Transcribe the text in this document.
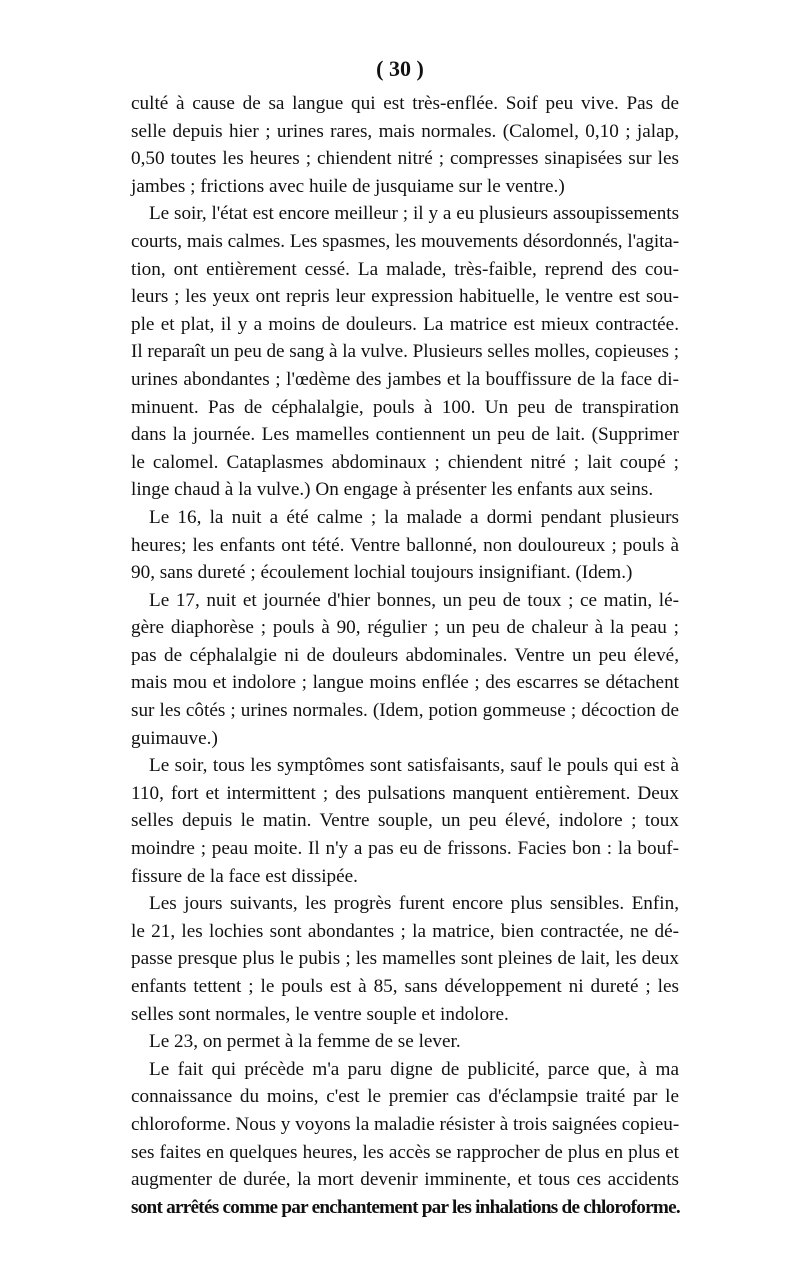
( 30 )
culté à cause de sa langue qui est très-enflée. Soif peu vive. Pas de
selle depuis hier ; urines rares, mais normales. (Calomel, 0,10 ; jalap,
0,50 toutes les heures ; chiendent nitré ; compresses sinapisées sur les
jambes ; frictions avec huile de jusquiame sur le ventre.)
Le soir, l'état est encore meilleur ; il y a eu plusieurs assoupissements
courts, mais calmes. Les spasmes, les mouvements désordonnés, l'agita-
tion, ont entièrement cessé. La malade, très-faible, reprend des cou-
leurs ; les yeux ont repris leur expression habituelle, le ventre est sou-
ple et plat, il y a moins de douleurs. La matrice est mieux contractée.
Il reparaît un peu de sang à la vulve. Plusieurs selles molles, copieuses ;
urines abondantes ; l'œdème des jambes et la bouffissure de la face di-
minuent. Pas de céphalalgie, pouls à 100. Un peu de transpiration
dans la journée. Les mamelles contiennent un peu de lait. (Supprimer
le calomel. Cataplasmes abdominaux ; chiendent nitré ; lait coupé ;
linge chaud à la vulve.) On engage à présenter les enfants aux seins.
Le 16, la nuit a été calme ; la malade a dormi pendant plusieurs
heures; les enfants ont tété. Ventre ballonné, non douloureux ; pouls à
90, sans dureté ; écoulement lochial toujours insignifiant. (Idem.)
Le 17, nuit et journée d'hier bonnes, un peu de toux ; ce matin, lé-
gère diaphorèse ; pouls à 90, régulier ; un peu de chaleur à la peau ;
pas de céphalalgie ni de douleurs abdominales. Ventre un peu élevé,
mais mou et indolore ; langue moins enflée ; des escarres se détachent
sur les côtés ; urines normales. (Idem, potion gommeuse ; décoction de
guimauve.)
Le soir, tous les symptômes sont satisfaisants, sauf le pouls qui est à
110, fort et intermittent ; des pulsations manquent entièrement. Deux
selles depuis le matin. Ventre souple, un peu élevé, indolore ; toux
moindre ; peau moite. Il n'y a pas eu de frissons. Facies bon : la bouf-
fissure de la face est dissipée.
Les jours suivants, les progrès furent encore plus sensibles. Enfin,
le 21, les lochies sont abondantes ; la matrice, bien contractée, ne dé-
passe presque plus le pubis ; les mamelles sont pleines de lait, les deux
enfants tettent ; le pouls est à 85, sans développement ni dureté ; les
selles sont normales, le ventre souple et indolore.
Le 23, on permet à la femme de se lever.
Le fait qui précède m'a paru digne de publicité, parce que, à ma
connaissance du moins, c'est le premier cas d'éclampsie traité par le
chloroforme. Nous y voyons la maladie résister à trois saignées copieu-
ses faites en quelques heures, les accès se rapprocher de plus en plus et
augmenter de durée, la mort devenir imminente, et tous ces accidents
sont arrêtés comme par enchantement par les inhalations de chloroforme.
